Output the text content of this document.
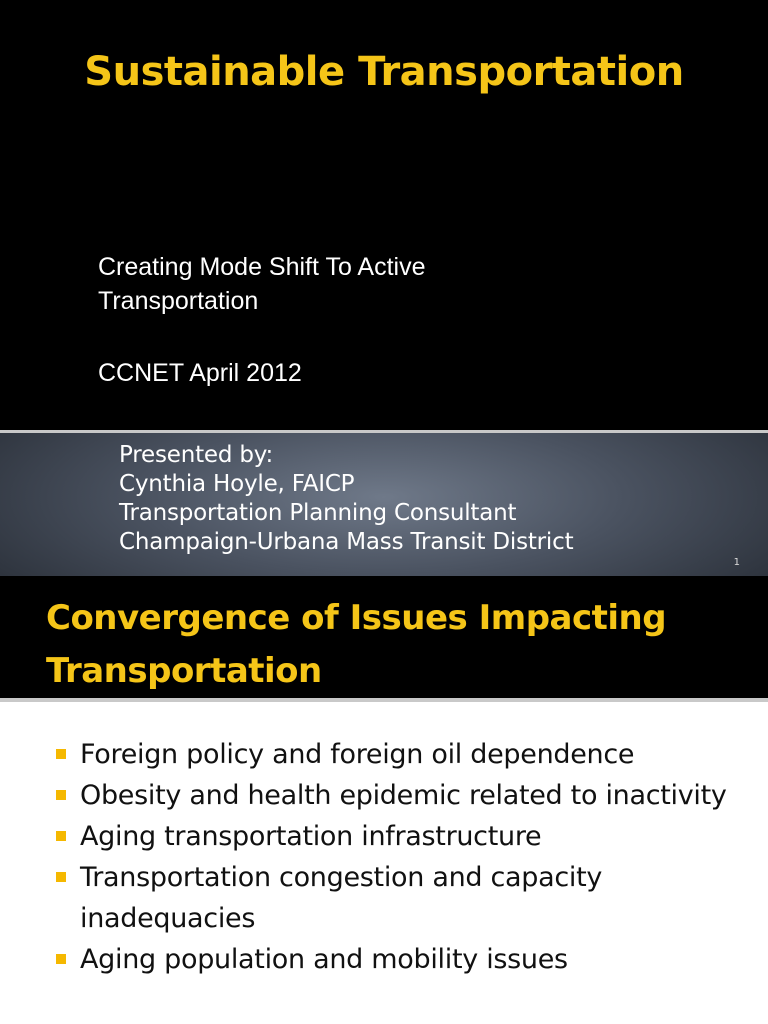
Sustainable Transportation
Creating Mode Shift To Active
Transportation
CCNET April 2012
Presented by:
Cynthia Hoyle, FAICP
Transportation Planning Consultant
Champaign-Urbana Mass Transit District
1
Convergence of Issues Impacting
Transportation
Foreign policy and foreign oil dependence
Obesity and health epidemic related to inactivity
Aging transportation infrastructure
Transportation congestion and capacity inadequacies
Aging population and mobility issues
